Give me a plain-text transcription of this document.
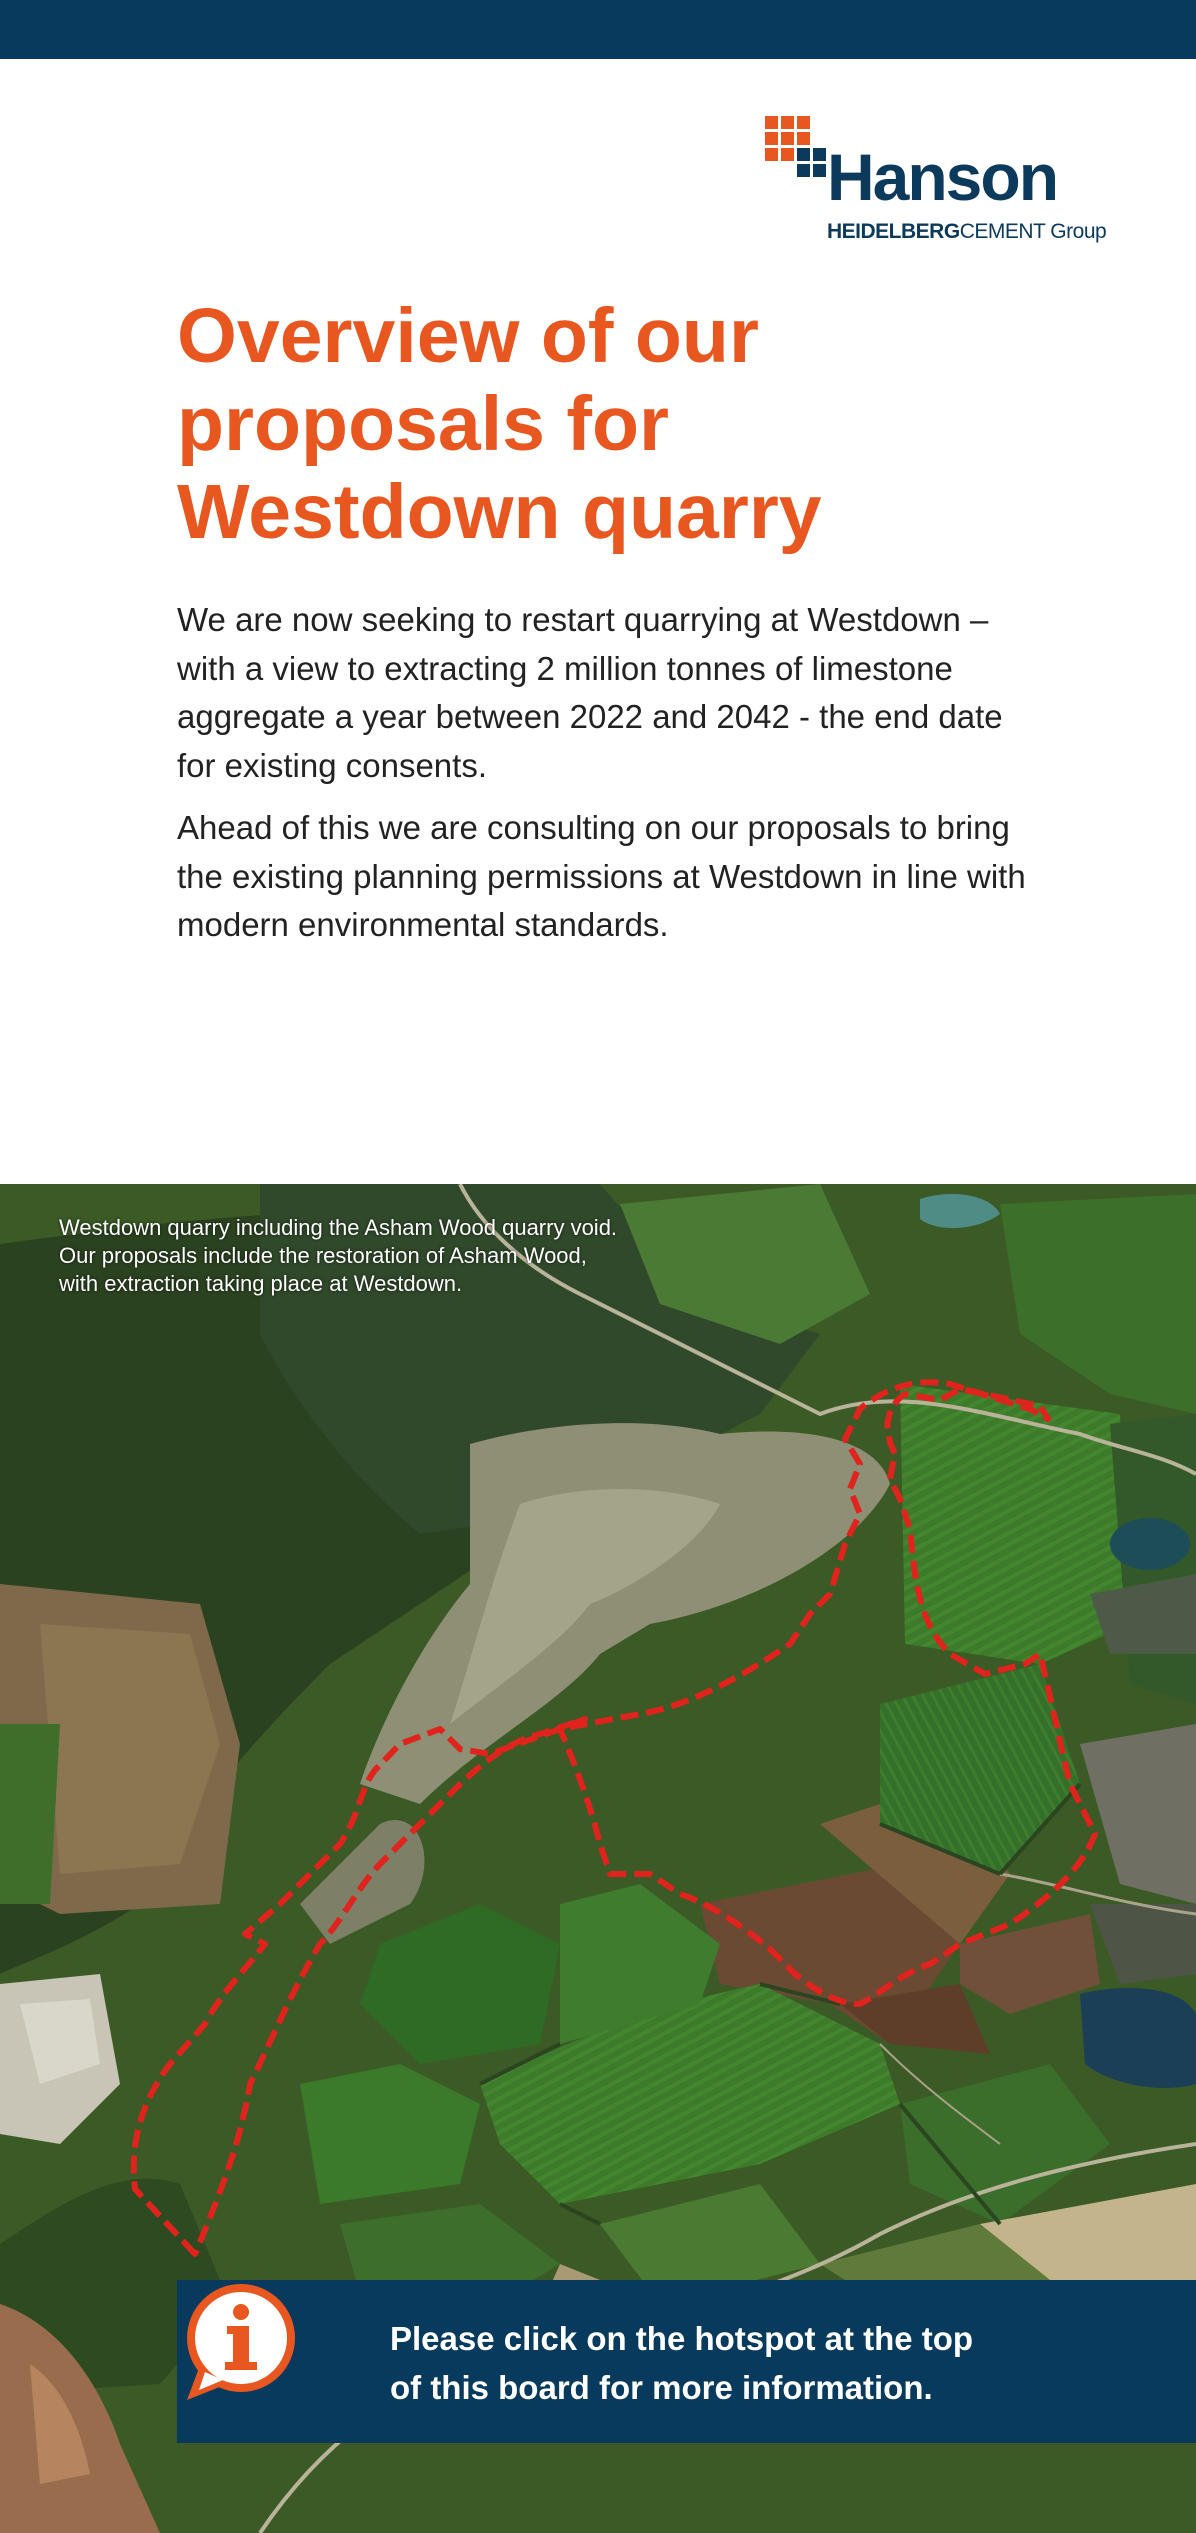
Hanson
HEIDELBERGCEMENT Group
Overview of our
proposals for
Westdown quarry

We are now seeking to restart quarrying at Westdown – with a view to extracting 2 million tonnes of limestone aggregate a year between 2022 and 2042 - the end date for existing consents.

Ahead of this we are consulting on our proposals to bring the existing planning permissions at Westdown in line with modern environmental standards.

Westdown quarry including the Asham Wood quarry void.
Our proposals include the restoration of Asham Wood,
with extraction taking place at Westdown.
Please click on the hotspot at the top
of this board for more information.
